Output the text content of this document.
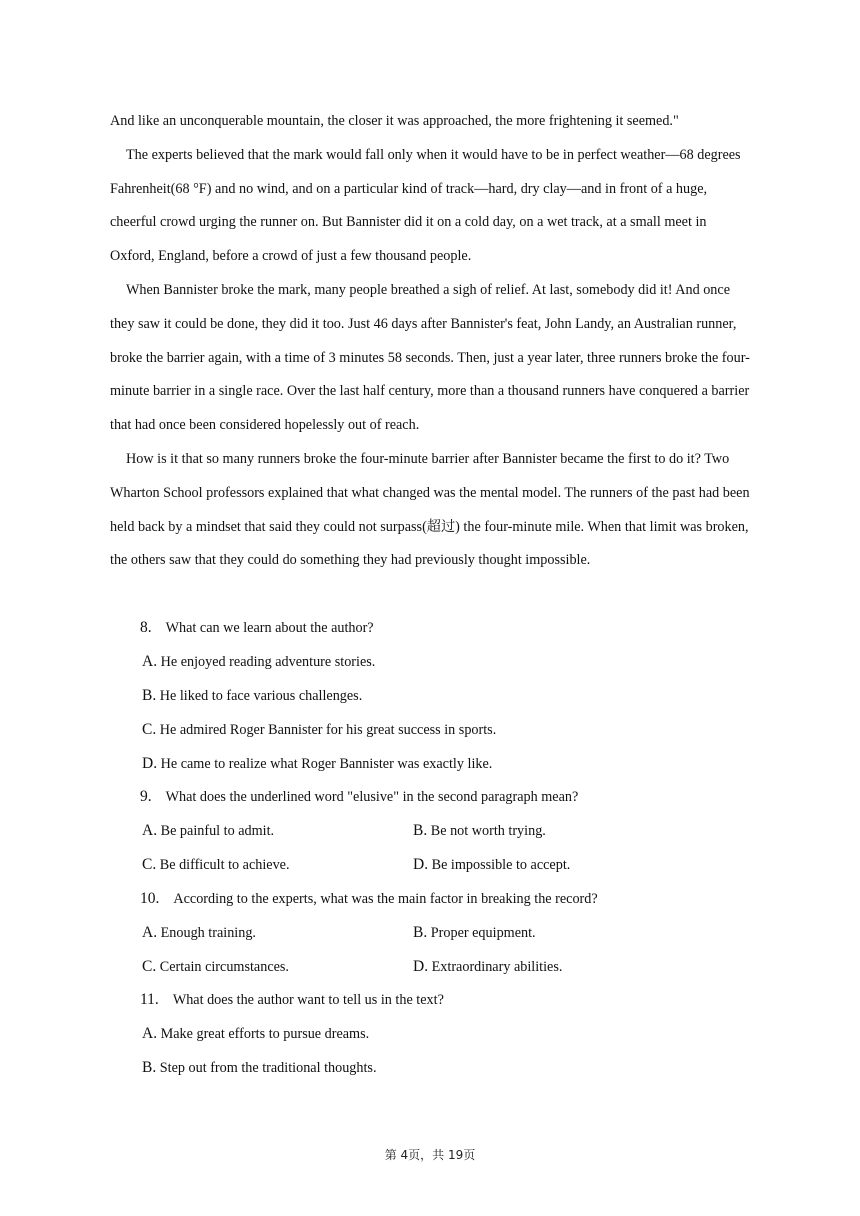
And like an unconquerable mountain, the closer it was approached, the more frightening it seemed."

The experts believed that the mark would fall only when it would have to be in perfect weather—68 degrees Fahrenheit(68 °F) and no wind, and on a particular kind of track—hard, dry clay—and in front of a huge, cheerful crowd urging the runner on. But Bannister did it on a cold day, on a wet track, at a small meet in Oxford, England, before a crowd of just a few thousand people.

When Bannister broke the mark, many people breathed a sigh of relief. At last, somebody did it! And once they saw it could be done, they did it too. Just 46 days after Bannister's feat, John Landy, an Australian runner, broke the barrier again, with a time of 3 minutes 58 seconds. Then, just a year later, three runners broke the four-minute barrier in a single race. Over the last half century, more than a thousand runners have conquered a barrier that had once been considered hopelessly out of reach.

How is it that so many runners broke the four-minute barrier after Bannister became the first to do it? Two Wharton School professors explained that what changed was the mental model. The runners of the past had been held back by a mindset that said they could not surpass(超过) the four-minute mile. When that limit was broken, the others saw that they could do something they had previously thought impossible.

8. What can we learn about the author?
A. He enjoyed reading adventure stories.
B. He liked to face various challenges.
C. He admired Roger Bannister for his great success in sports.
D. He came to realize what Roger Bannister was exactly like.
9. What does the underlined word "elusive" in the second paragraph mean?
A. Be painful to admit.	B. Be not worth trying.
C. Be difficult to achieve.	D. Be impossible to accept.
10. According to the experts, what was the main factor in breaking the record?
A. Enough training.	B. Proper equipment.
C. Certain circumstances.	D. Extraordinary abilities.
11. What does the author want to tell us in the text?
A. Make great efforts to pursue dreams.
B. Step out from the traditional thoughts.
第 4页，共 19页
